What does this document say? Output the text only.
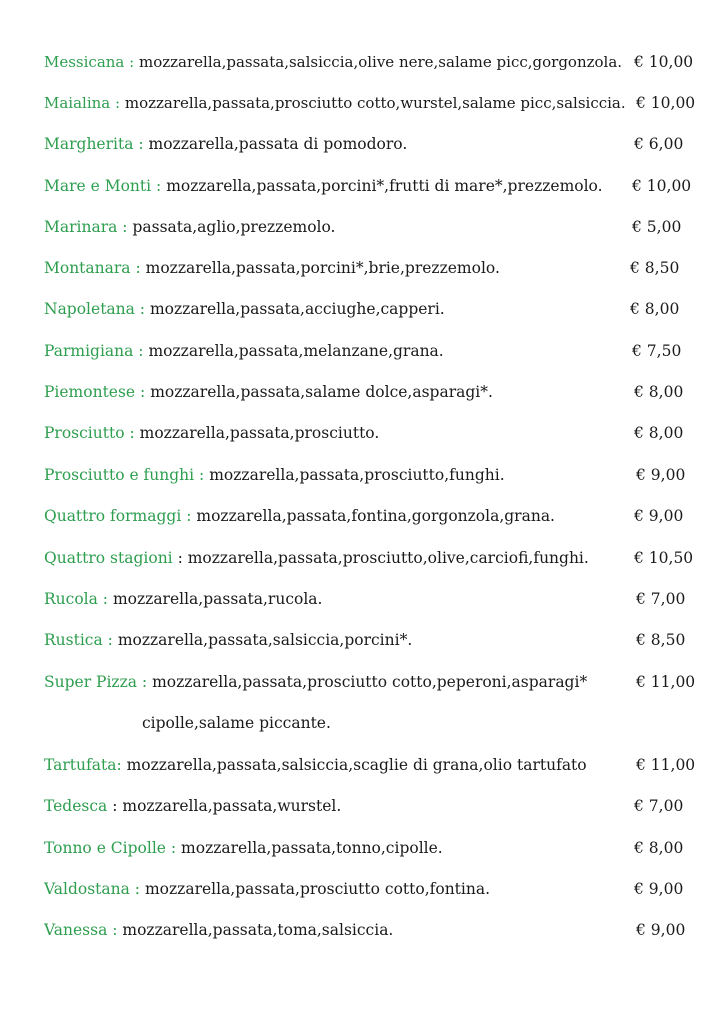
Messicana : mozzarella,passata,salsiccia,olive nere,salame picc,gorgonzola. € 10,00
Maialina : mozzarella,passata,prosciutto cotto,wurstel,salame picc,salsiccia. € 10,00
Margherita : mozzarella,passata di pomodoro.	€ 6,00
Mare e Monti : mozzarella,passata,porcini*,frutti di mare*,prezzemolo. € 10,00
Marinara : passata,aglio,prezzemolo.	€ 5,00
Montanara : mozzarella,passata,porcini*,brie,prezzemolo.	€ 8,50
Napoletana : mozzarella,passata,acciughe,capperi.	€ 8,00
Parmigiana : mozzarella,passata,melanzane,grana.	€ 7,50
Piemontese : mozzarella,passata,salame dolce,asparagi*.	€ 8,00
Prosciutto : mozzarella,passata,prosciutto.	€ 8,00
Prosciutto e funghi : mozzarella,passata,prosciutto,funghi.	€ 9,00
Quattro formaggi : mozzarella,passata,fontina,gorgonzola,grana.	€ 9,00
Quattro stagioni : mozzarella,passata,prosciutto,olive,carciofi,funghi.	€ 10,50
Rucola : mozzarella,passata,rucola.	€ 7,00
Rustica : mozzarella,passata,salsiccia,porcini*.	€ 8,50
Super Pizza : mozzarella,passata,prosciutto cotto,peperoni,asparagi*	€ 11,00
cipolle,salame piccante.
Tartufata: mozzarella,passata,salsiccia,scaglie di grana,olio tartufato	€ 11,00
Tedesca : mozzarella,passata,wurstel.	€ 7,00
Tonno e Cipolle : mozzarella,passata,tonno,cipolle.	€ 8,00
Valdostana : mozzarella,passata,prosciutto cotto,fontina.	€ 9,00
Vanessa : mozzarella,passata,toma,salsiccia.	€ 9,00
